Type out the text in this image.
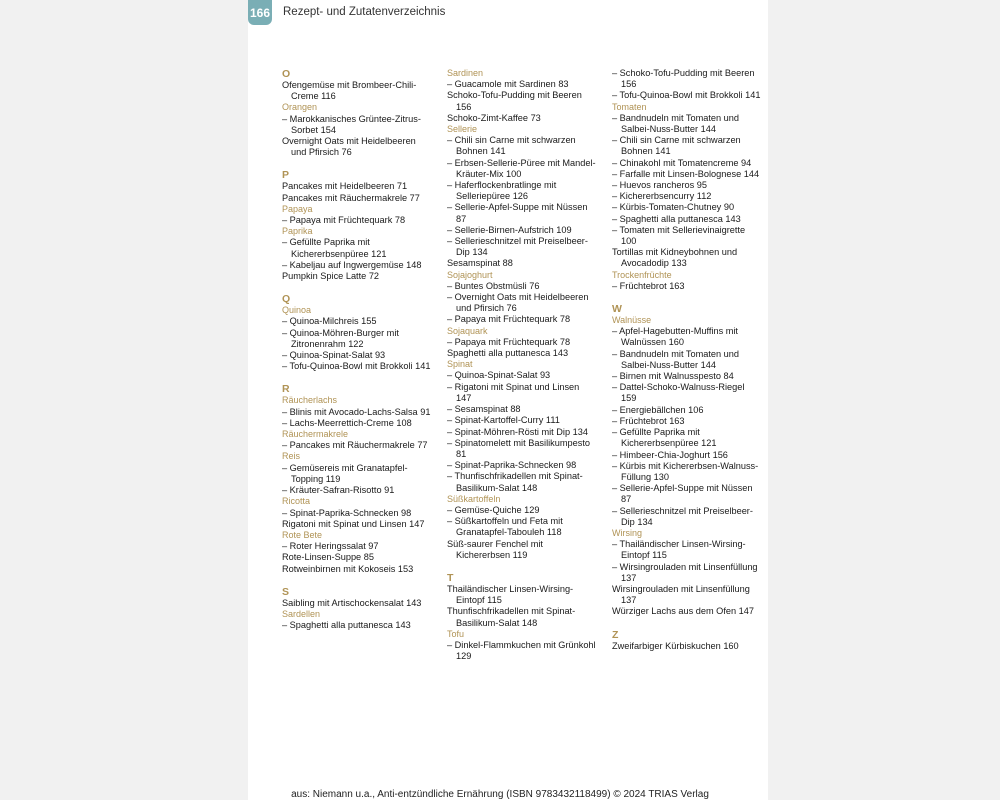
166 Rezept- und Zutatenverzeichnis
O
Ofengemüse mit Brombeer-Chili-Creme 116
Orangen
– Marokkanisches Grüntee-Zitrus-Sorbet 154
Overnight Oats mit Heidelbeeren und Pfirsich 76
P
Pancakes mit Heidelbeeren 71
Pancakes mit Räuchermakrele 77
Papaya
– Papaya mit Früchtequark 78
Paprika
– Gefüllte Paprika mit Kichererbsenpüree 121
– Kabeljau auf Ingwergemüse 148
Pumpkin Spice Latte 72
Q
Quinoa
– Quinoa-Milchreis 155
– Quinoa-Möhren-Burger mit Zitronenrahm 122
– Quinoa-Spinat-Salat 93
– Tofu-Quinoa-Bowl mit Brokkoli 141
R
Räucherlachs
– Blinis mit Avocado-Lachs-Salsa 91
– Lachs-Meerrettich-Creme 108
Räuchermakrele
– Pancakes mit Räuchermakrele 77
Reis
– Gemüsereis mit Granatapfel-Topping 119
– Kräuter-Safran-Risotto 91
Ricotta
– Spinat-Paprika-Schnecken 98
Rigatoni mit Spinat und Linsen 147
Rote Bete
– Roter Heringssalat 97
Rote-Linsen-Suppe 85
Rotweinbirnen mit Kokoseis 153
S
Saibling mit Artischockensalat 143
Sardellen
– Spaghetti alla puttanesca 143
Sardinen
– Guacamole mit Sardinen 83
Schoko-Tofu-Pudding mit Beeren 156
Schoko-Zimt-Kaffee 73
Sellerie
– Chili sin Carne mit schwarzen Bohnen 141
– Erbsen-Sellerie-Püree mit Mandel-Kräuter-Mix 100
– Haferflockenbratlinge mit Selleriepüree 126
– Sellerie-Apfel-Suppe mit Nüssen 87
– Sellerie-Birnen-Aufstrich 109
– Sellerieschnitzel mit Preiselbeer-Dip 134
Sesamspinat 88
Sojajoghurt
– Buntes Obstmüsli 76
– Overnight Oats mit Heidelbeeren und Pfirsich 76
– Papaya mit Früchtequark 78
Sojaquark
– Papaya mit Früchtequark 78
Spaghetti alla puttanesca 143
Spinat
– Quinoa-Spinat-Salat 93
– Rigatoni mit Spinat und Linsen 147
– Sesamspinat 88
– Spinat-Kartoffel-Curry 111
– Spinat-Möhren-Rösti mit Dip 134
– Spinatomelett mit Basilikumpesto 81
– Spinat-Paprika-Schnecken 98
– Thunfischfrikadellen mit Spinat-Basilikum-Salat 148
Süßkartoffeln
– Gemüse-Quiche 129
– Süßkartoffeln und Feta mit Granatapfel-Tabouleh 118
Süß-saurer Fenchel mit Kichererbsen 119
T
Thailändischer Linsen-Wirsing-Eintopf 115
Thunfischfrikadellen mit Spinat-Basilikum-Salat 148
Tofu
– Dinkel-Flammkuchen mit Grünkohl 129
– Schoko-Tofu-Pudding mit Beeren 156
– Tofu-Quinoa-Bowl mit Brokkoli 141
Tomaten
– Bandnudeln mit Tomaten und Salbei-Nuss-Butter 144
– Chili sin Carne mit schwarzen Bohnen 141
– Chinakohl mit Tomatencreme 94
– Farfalle mit Linsen-Bolognese 144
– Huevos rancheros 95
– Kichererbsencurry 112
– Kürbis-Tomaten-Chutney 90
– Spaghetti alla puttanesca 143
– Tomaten mit Sellerievinaigrette 100
Tortillas mit Kidneybohnen und Avocadodip 133
Trockenfrüchte
– Früchtebrot 163
W
Walnüsse
– Apfel-Hagebutten-Muffins mit Walnüssen 160
– Bandnudeln mit Tomaten und Salbei-Nuss-Butter 144
– Birnen mit Walnusspesto 84
– Dattel-Schoko-Walnuss-Riegel 159
– Energiebällchen 106
– Früchtebrot 163
– Gefüllte Paprika mit Kichererbsenpüree 121
– Himbeer-Chia-Joghurt 156
– Kürbis mit Kichererbsen-Walnuss-Füllung 130
– Sellerie-Apfel-Suppe mit Nüssen 87
– Sellerieschnitzel mit Preiselbeer-Dip 134
Wirsing
– Thailändischer Linsen-Wirsing-Eintopf 115
– Wirsingrouladen mit Linsenfüllung 137
Wirsingrouladen mit Linsenfüllung 137
Würziger Lachs aus dem Ofen 147
Z
Zweifarbiger Kürbiskuchen 160
aus: Niemann u.a., Anti-entzündliche Ernährung (ISBN 9783432118499) © 2024 TRIAS Verlag
